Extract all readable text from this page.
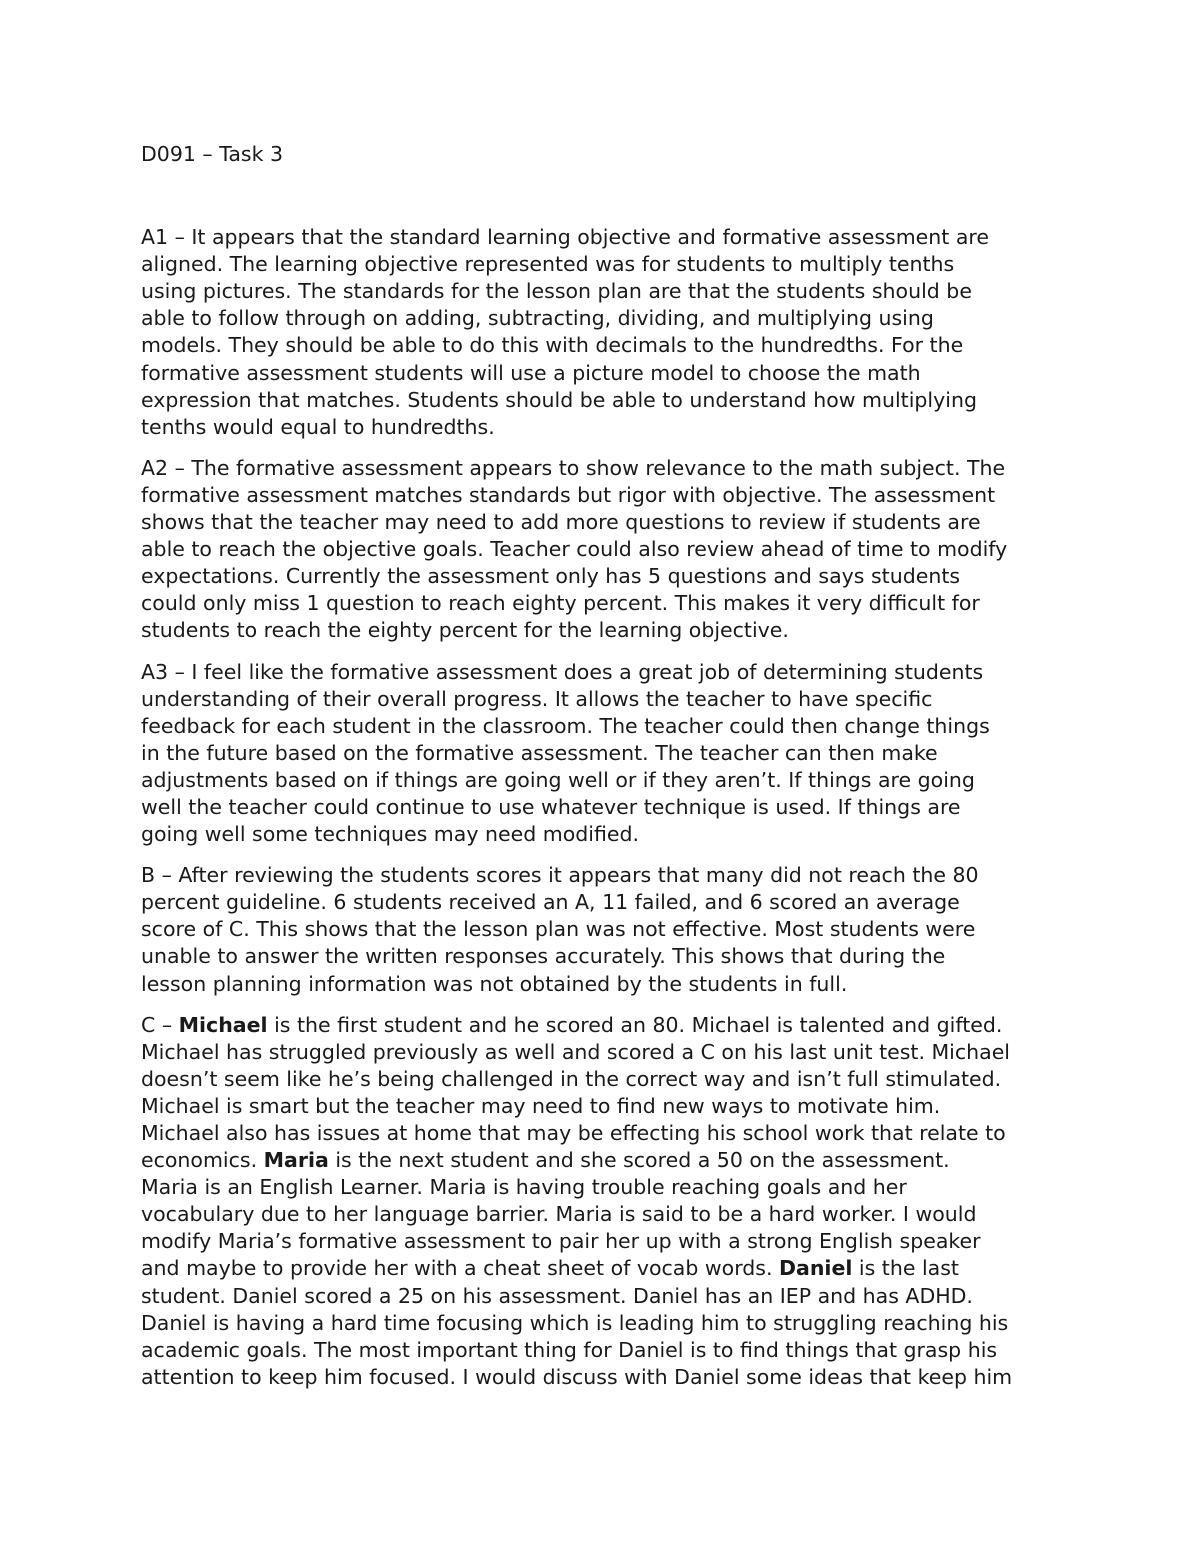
D091 – Task 3
A1 – It appears that the standard learning objective and formative assessment are
aligned. The learning objective represented was for students to multiply tenths
using pictures. The standards for the lesson plan are that the students should be
able to follow through on adding, subtracting, dividing, and multiplying using
models. They should be able to do this with decimals to the hundredths. For the
formative assessment students will use a picture model to choose the math
expression that matches. Students should be able to understand how multiplying
tenths would equal to hundredths.
A2 – The formative assessment appears to show relevance to the math subject. The
formative assessment matches standards but rigor with objective. The assessment
shows that the teacher may need to add more questions to review if students are
able to reach the objective goals. Teacher could also review ahead of time to modify
expectations. Currently the assessment only has 5 questions and says students
could only miss 1 question to reach eighty percent. This makes it very difficult for
students to reach the eighty percent for the learning objective.
A3 – I feel like the formative assessment does a great job of determining students
understanding of their overall progress. It allows the teacher to have specific
feedback for each student in the classroom. The teacher could then change things
in the future based on the formative assessment. The teacher can then make
adjustments based on if things are going well or if they aren’t. If things are going
well the teacher could continue to use whatever technique is used. If things are
going well some techniques may need modified.
B – After reviewing the students scores it appears that many did not reach the 80
percent guideline. 6 students received an A, 11 failed, and 6 scored an average
score of C. This shows that the lesson plan was not effective. Most students were
unable to answer the written responses accurately. This shows that during the
lesson planning information was not obtained by the students in full.
C – Michael is the first student and he scored an 80. Michael is talented and gifted.
Michael has struggled previously as well and scored a C on his last unit test. Michael
doesn’t seem like he’s being challenged in the correct way and isn’t full stimulated.
Michael is smart but the teacher may need to find new ways to motivate him.
Michael also has issues at home that may be effecting his school work that relate to
economics. Maria is the next student and she scored a 50 on the assessment.
Maria is an English Learner. Maria is having trouble reaching goals and her
vocabulary due to her language barrier. Maria is said to be a hard worker. I would
modify Maria’s formative assessment to pair her up with a strong English speaker
and maybe to provide her with a cheat sheet of vocab words. Daniel is the last
student. Daniel scored a 25 on his assessment. Daniel has an IEP and has ADHD.
Daniel is having a hard time focusing which is leading him to struggling reaching his
academic goals. The most important thing for Daniel is to find things that grasp his
attention to keep him focused. I would discuss with Daniel some ideas that keep him
